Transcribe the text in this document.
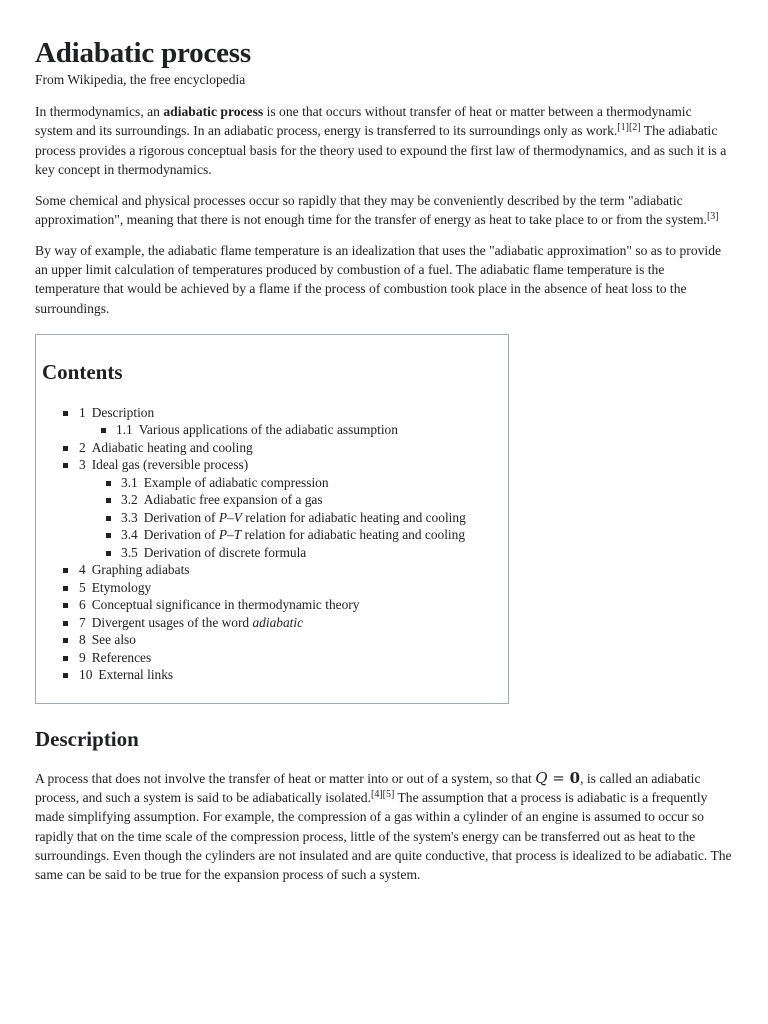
Adiabatic process
From Wikipedia, the free encyclopedia

In thermodynamics, an adiabatic process is one that occurs without transfer of heat or matter between a thermodynamic system and its surroundings. In an adiabatic process, energy is transferred to its surroundings only as work.[1][2] The adiabatic process provides a rigorous conceptual basis for the theory used to expound the first law of thermodynamics, and as such it is a key concept in thermodynamics.

Some chemical and physical processes occur so rapidly that they may be conveniently described by the term "adiabatic approximation", meaning that there is not enough time for the transfer of energy as heat to take place to or from the system.[3]

By way of example, the adiabatic flame temperature is an idealization that uses the "adiabatic approximation" so as to provide an upper limit calculation of temperatures produced by combustion of a fuel. The adiabatic flame temperature is the temperature that would be achieved by a flame if the process of combustion took place in the absence of heat loss to the surroundings.

Contents
1 Description
1.1 Various applications of the adiabatic assumption
2 Adiabatic heating and cooling
3 Ideal gas (reversible process)
3.1 Example of adiabatic compression
3.2 Adiabatic free expansion of a gas
3.3 Derivation of P–V relation for adiabatic heating and cooling
3.4 Derivation of P–T relation for adiabatic heating and cooling
3.5 Derivation of discrete formula
4 Graphing adiabats
5 Etymology
6 Conceptual significance in thermodynamic theory
7 Divergent usages of the word adiabatic
8 See also
9 References
10 External links
Description

A process that does not involve the transfer of heat or matter into or out of a system, so that Q = 0, is called an adiabatic process, and such a system is said to be adiabatically isolated.[4][5] The assumption that a process is adiabatic is a frequently made simplifying assumption. For example, the compression of a gas within a cylinder of an engine is assumed to occur so rapidly that on the time scale of the compression process, little of the system's energy can be transferred out as heat to the surroundings. Even though the cylinders are not insulated and are quite conductive, that process is idealized to be adiabatic. The same can be said to be true for the expansion process of such a system.
